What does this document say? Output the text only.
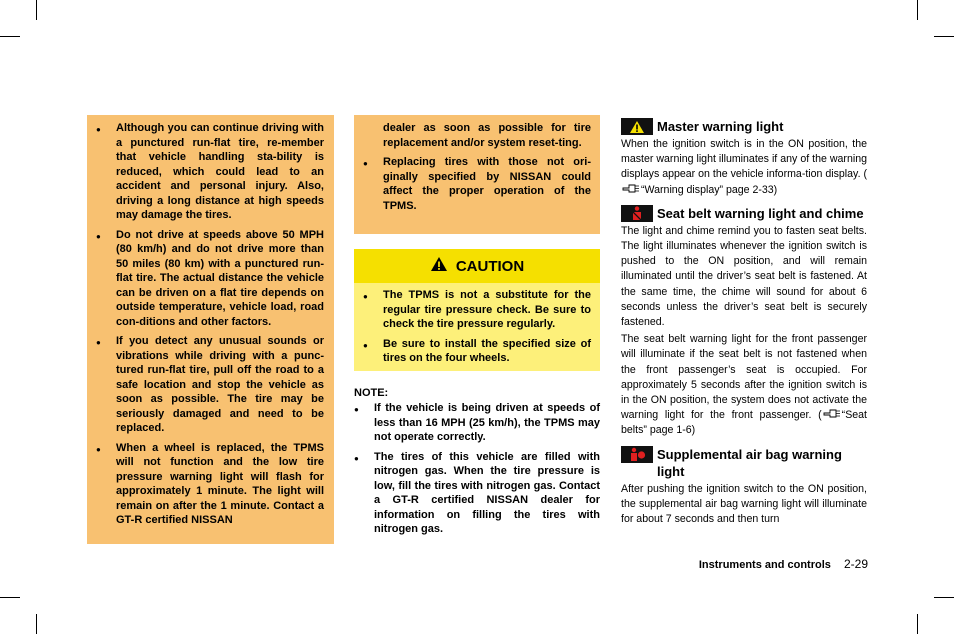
● Although you can continue driving with a punctured run-flat tire, re-member that vehicle handling sta-bility is reduced, which could lead to an accident and personal injury. Also, driving a long distance at high speeds may damage the tires.
● Do not drive at speeds above 50 MPH (80 km/h) and do not drive more than 50 miles (80 km) with a punctured run-flat tire. The actual distance the vehicle can be driven on a flat tire depends on outside temperature, vehicle load, road con-ditions and other factors.
● If you detect any unusual sounds or vibrations while driving with a punc-tured run-flat tire, pull off the road to a safe location and stop the vehicle as soon as possible. The tire may be seriously damaged and need to be replaced.
● When a wheel is replaced, the TPMS will not function and the low tire pressure warning light will flash for approximately 1 minute. The light will remain on after the 1 minute. Contact a GT-R certified NISSAN
dealer as soon as possible for tire replacement and/or system reset-ting.
● Replacing tires with those not ori-ginally specified by NISSAN could affect the proper operation of the TPMS.
CAUTION
● The TPMS is not a substitute for the regular tire pressure check. Be sure to check the tire pressure regularly.
● Be sure to install the specified size of tires on the four wheels.
NOTE:
● If the vehicle is being driven at speeds of less than 16 MPH (25 km/h), the TPMS may not operate correctly.
● The tires of this vehicle are filled with nitrogen gas. When the tire pressure is low, fill the tires with nitrogen gas. Contact a GT-R certified NISSAN dealer for information on filling the tires with nitrogen gas.
Master warning light

When the ignition switch is in the ON position, the master warning light illuminates if any of the warning displays appear on the vehicle informa-tion display. (“Warning display” page 2-33)

Seat belt warning light and chime

The light and chime remind you to fasten seat belts. The light illuminates whenever the ignition switch is pushed to the ON position, and will remain illuminated until the driver’s seat belt is fastened. At the same time, the chime will sound for about 6 seconds unless the driver’s seat belt is securely fastened.

The seat belt warning light for the front passenger will illuminate if the seat belt is not fastened when the front passenger’s seat is occupied. For approximately 5 seconds after the ignition switch is in the ON position, the system does not activate the warning light for the front passenger. ( “Seat belts” page 1-6)

Supplemental air bag warning light

After pushing the ignition switch to the ON position, the supplemental air bag warning light will illuminate for about 7 seconds and then turn

Instruments and controls 2-29
